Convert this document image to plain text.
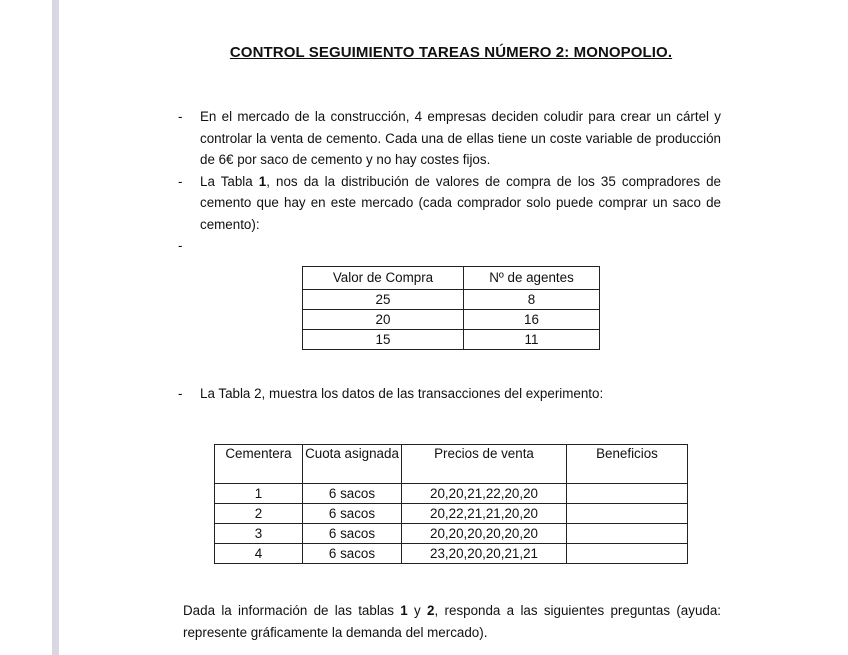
CONTROL SEGUIMIENTO TAREAS NÚMERO 2: MONOPOLIO.
- En el mercado de la construcción, 4 empresas deciden coludir para crear un cártel y controlar la venta de cemento. Cada una de ellas tiene un coste variable de producción de 6€ por saco de cemento y no hay costes fijos.
- La Tabla 1, nos da la distribución de valores de compra de los 35 compradores de cemento que hay en este mercado (cada comprador solo puede comprar un saco de cemento):
-

Valor de Compra	Nº de agentes
25	8
20	16
15	11
- La Tabla 2, muestra los datos de las transacciones del experimento:
Cementera	Cuota asignada	Precios de venta	Beneficios
1	6 sacos	20,20,21,22,20,20	
2	6 sacos	20,22,21,21,20,20	
3	6 sacos	20,20,20,20,20,20	
4	6 sacos	23,20,20,20,21,21	
Dada la información de las tablas 1 y 2, responda a las siguientes preguntas (ayuda: represente gráficamente la demanda del mercado).
